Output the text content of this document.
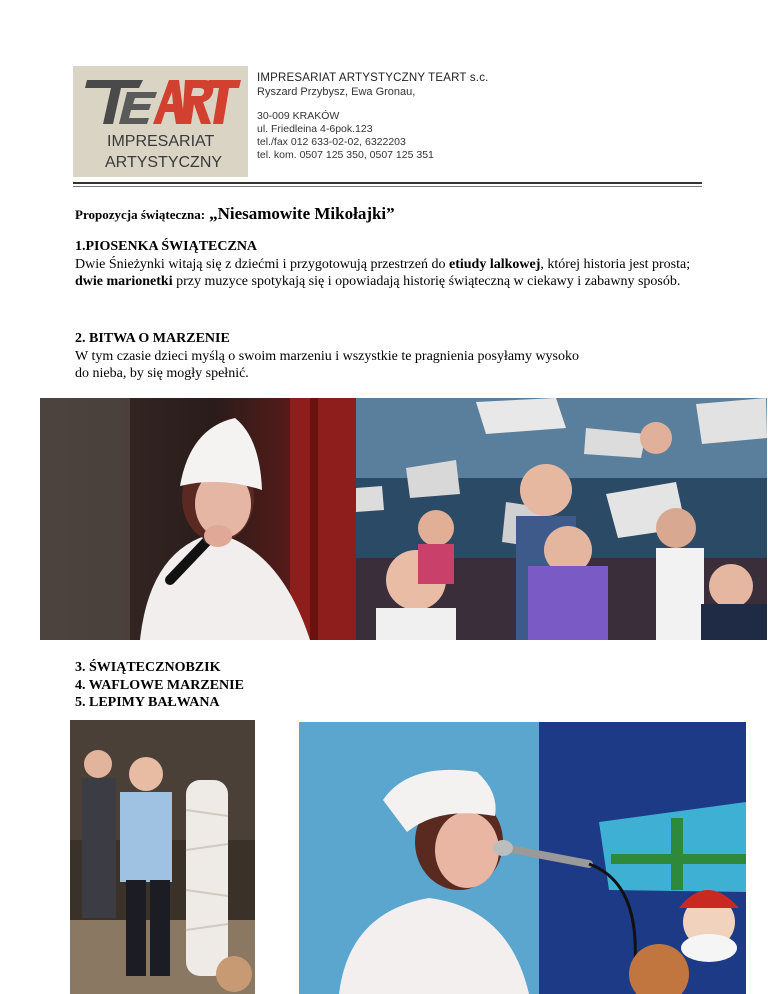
IMPRESARIAT
ARTYSTYCZNY
IMPRESARIAT ARTYSTYCZNY TEART s.c.
Ryszard Przybysz, Ewa Gronau,
30-009 KRAKÓW
ul. Friedleina 4-6pok.123
tel./fax 012 633-02-02, 6322203
tel. kom. 0507 125 350, 0507 125 351
Propozycja świąteczna: „Niesamowite Mikołajki”
1.PIOSENKA ŚWIĄTECZNA

Dwie Śnieżynki witają się z dziećmi i przygotowują przestrzeń do etiudy lalkowej, której historia jest prosta; dwie marionetki przy muzyce spotykają się i opowiadają historię świąteczną w ciekawy i zabawny sposób.

2. BITWA O MARZENIE

W tym czasie dzieci myślą o swoim marzeniu i wszystkie te pragnienia posyłamy wysoko do nieba, by się mogły spełnić.

3. ŚWIĄTECZNOBZIK
4. WAFLOWE MARZENIE
5. LEPIMY BAŁWANA
